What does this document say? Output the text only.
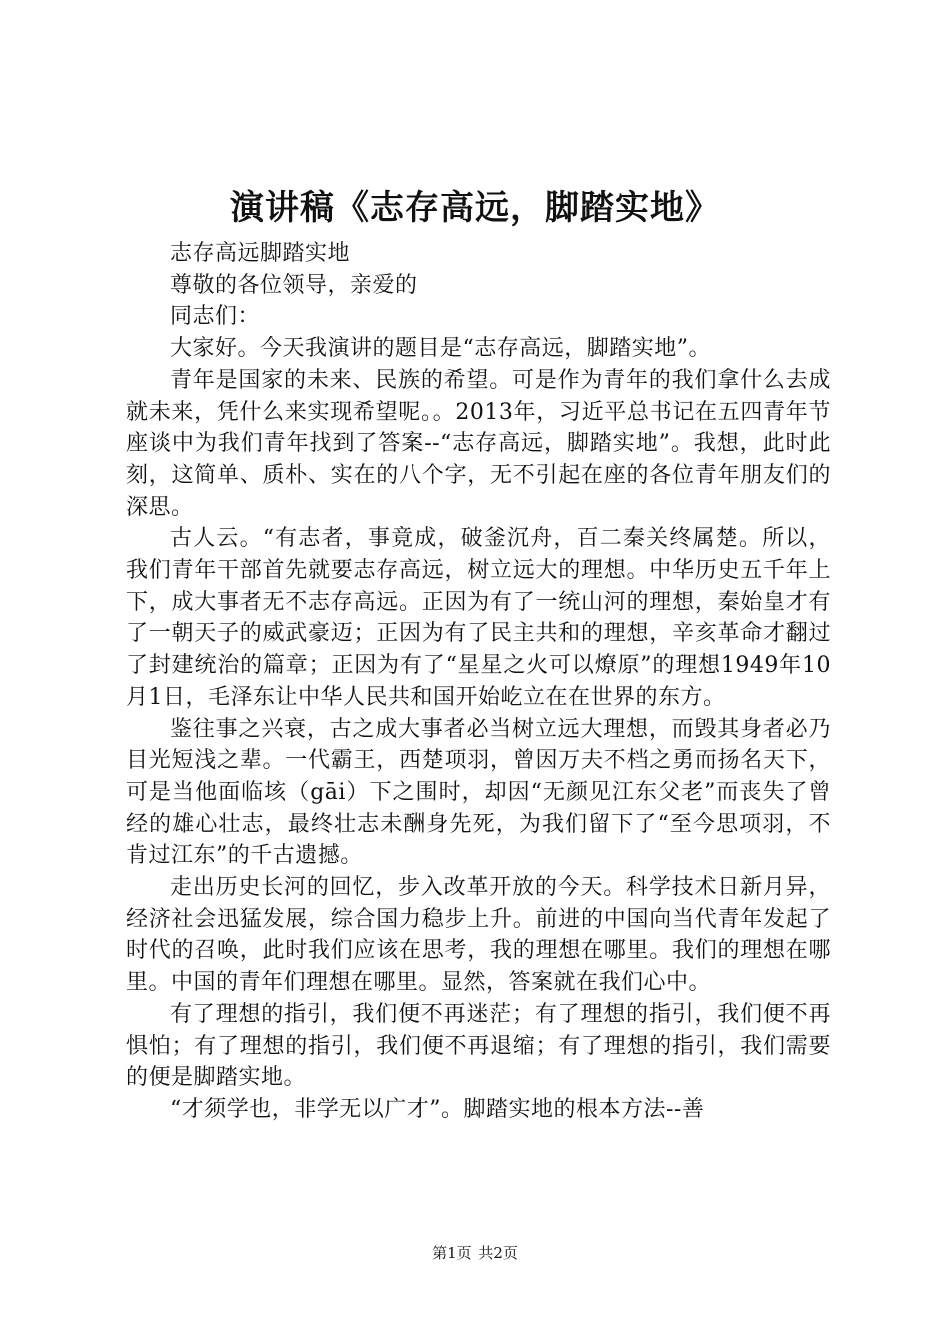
演讲稿《志存高远，脚踏实地》

志存高远脚踏实地

尊敬的各位领导，亲爱的

同志们：

大家好。今天我演讲的题目是“志存高远，脚踏实地”。

青年是国家的未来、民族的希望。可是作为青年的我们拿什么去成就未来，凭什么来实现希望呢。。2013年，习近平总书记在五四青年节座谈中为我们青年找到了答案--“志存高远，脚踏实地”。我想，此时此刻，这简单、质朴、实在的八个字，无不引起在座的各位青年朋友们的深思。

古人云。“有志者，事竟成，破釜沉舟，百二秦关终属楚。所以，我们青年干部首先就要志存高远，树立远大的理想。中华历史五千年上下，成大事者无不志存高远。正因为有了一统山河的理想，秦始皇才有了一朝天子的威武豪迈；正因为有了民主共和的理想，辛亥革命才翻过了封建统治的篇章；正因为有了“星星之火可以燎原”的理想1949年10月1日，毛泽东让中华人民共和国开始屹立在在世界的东方。

鉴往事之兴衰，古之成大事者必当树立远大理想，而毁其身者必乃目光短浅之辈。一代霸王，西楚项羽，曾因万夫不档之勇而扬名天下，可是当他面临垓（gāi）下之围时，却因“无颜见江东父老”而丧失了曾经的雄心壮志，最终壮志未酬身先死，为我们留下了“至今思项羽，不肯过江东”的千古遗撼。

走出历史长河的回忆，步入改革开放的今天。科学技术日新月异，经济社会迅猛发展，综合国力稳步上升。前进的中国向当代青年发起了时代的召唤，此时我们应该在思考，我的理想在哪里。我们的理想在哪里。中国的青年们理想在哪里。显然，答案就在我们心中。

有了理想的指引，我们便不再迷茫；有了理想的指引，我们便不再惧怕；有了理想的指引，我们便不再退缩；有了理想的指引，我们需要的便是脚踏实地。

“才须学也，非学无以广才”。脚踏实地的根本方法--善

第1页 共2页
